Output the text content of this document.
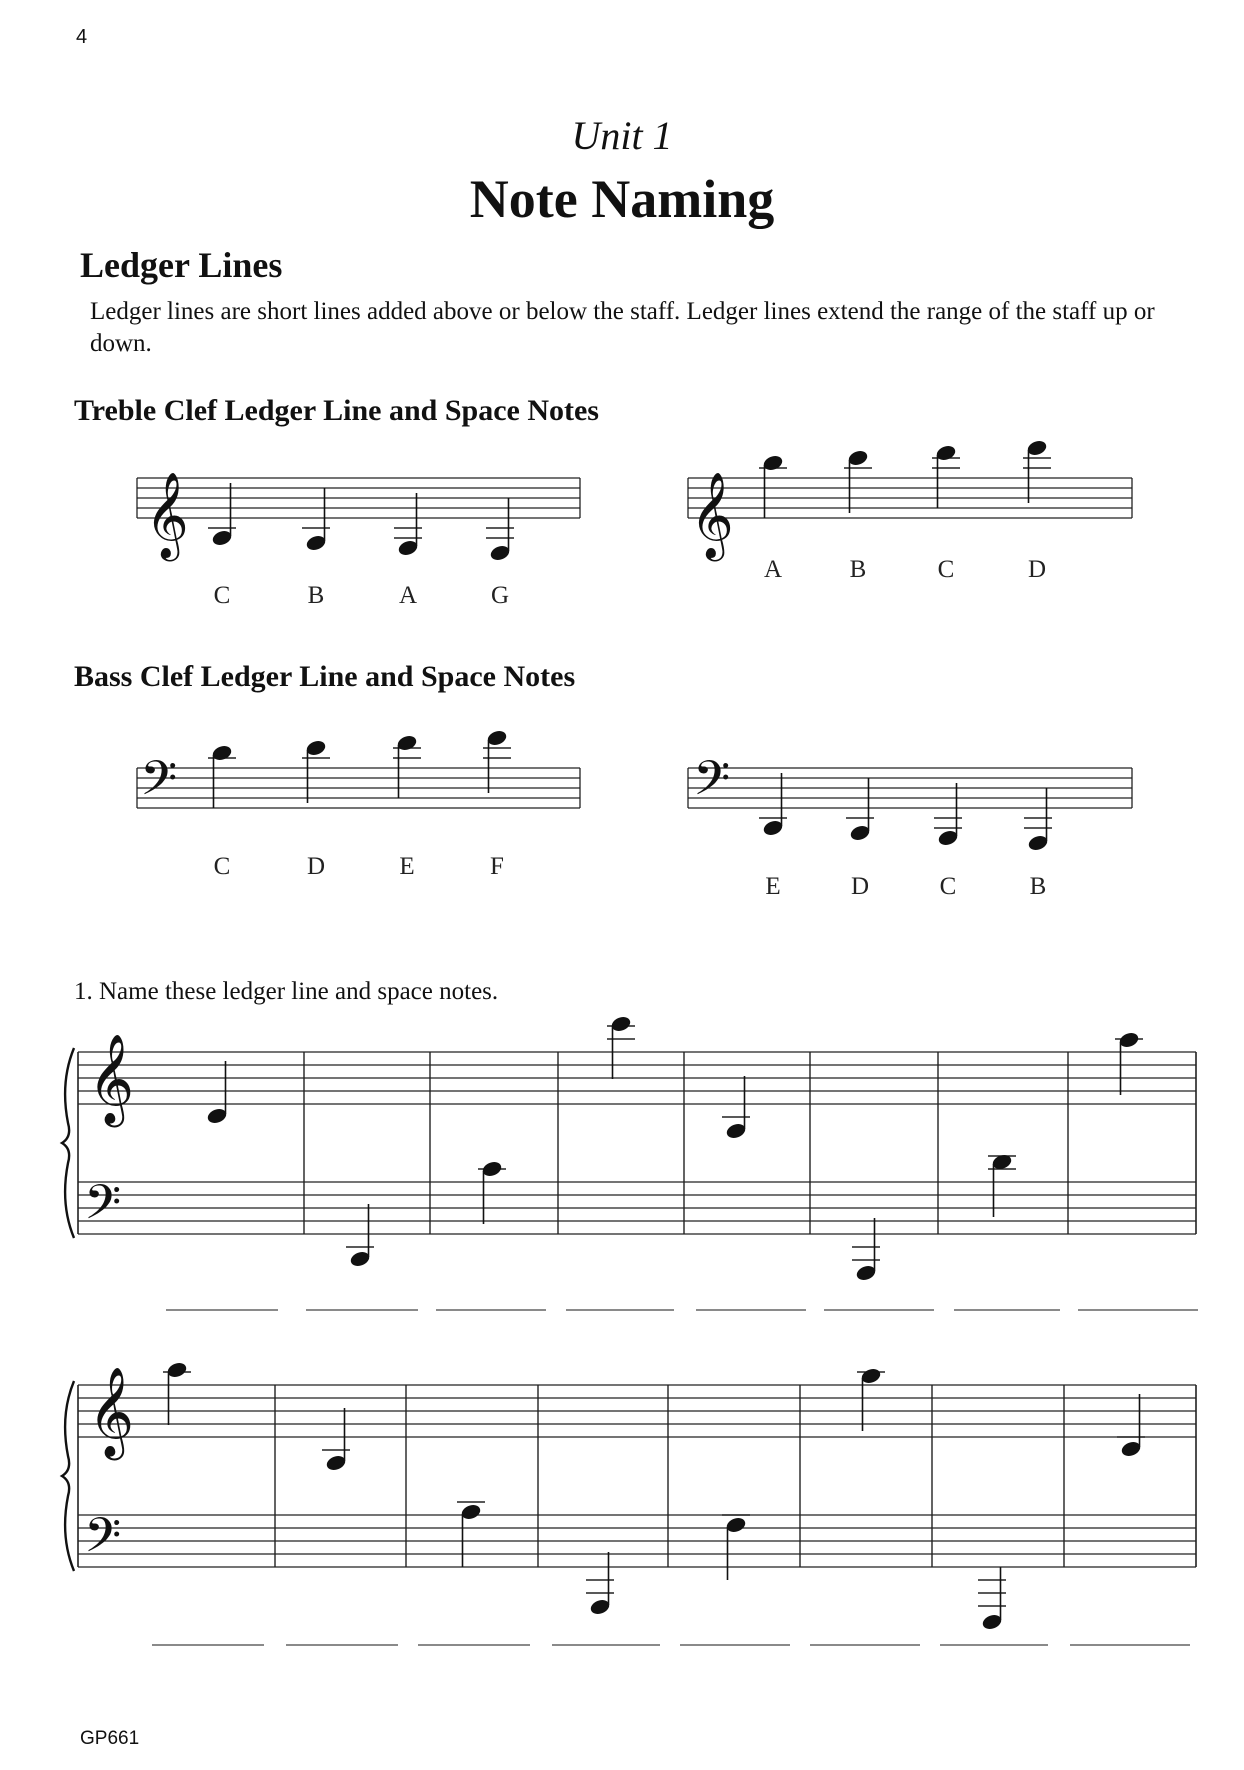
4
Unit 1
Note Naming
Ledger Lines
Ledger lines are short lines added above or below the staff. Ledger lines extend the range of the staff up or down.
Treble Clef Ledger Line and Space Notes
Bass Clef Ledger Line and Space Notes
1. Name these ledger line and space notes.
𝄞
C	B	A	G
𝄞
A	B	C	D
𝄢
C	D	E	F
𝄢
E	D	C	B
𝄞
𝄢
𝄞
𝄢
GP661
